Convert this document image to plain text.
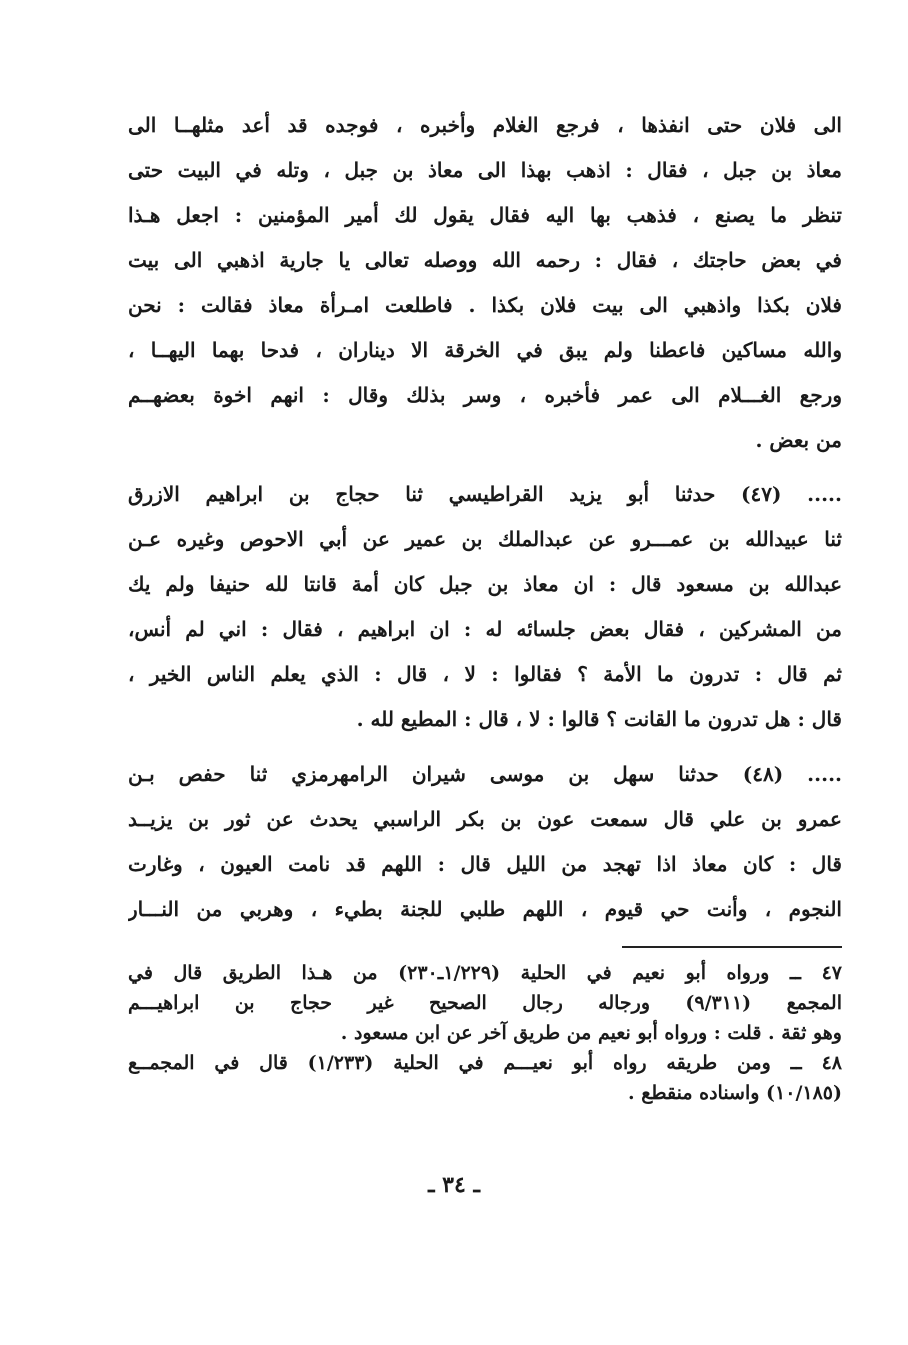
الى فلان حتى انفذها ، فرجع الغلام وأخبره ، فوجده قد أعد مثلهــا الى
معاذ بن جبل ، فقال : اذهب بهذا الى معاذ بن جبل ، وتله في البيت حتى
تنظر ما يصنع ، فذهب بها اليه فقال يقول لك أمير المؤمنين : اجعل هـذا
في بعض حاجتك ، فقال : رحمه الله ووصله تعالى يا جارية اذهبي الى بيت
فلان بكذا واذهبي الى بيت فلان بكذا . فاطلعت امـرأة معاذ فقالت : نحن
والله مساكين فاعطنا ولم يبق في الخرقة الا ديناران ، فدحا بهما اليهــا ،
ورجع الغـــلام الى عمر فأخبره ، وسر بذلك وقال : انهم اخوة بعضهــم
من بعض .
..... (٤٧) حدثنا أبو يزيد القراطيسي ثنا حجاج بن ابراهيم الازرق
ثنا عبيدالله بن عمـــرو عن عبدالملك بن عمير عن أبي الاحوص وغيره عـن
عبدالله بن مسعود قال : ان معاذ بن جبل كان أمة قانتا لله حنيفا ولم يك
من المشركين ، فقال بعض جلسائه له : ان ابراهيم ، فقال : اني لم أنس،
ثم قال : تدرون ما الأمة ؟ فقالوا : لا ، قال : الذي يعلم الناس الخير ،
قال : هل تدرون ما القانت ؟ قالوا : لا ، قال : المطيع لله .
..... (٤٨) حدثنا سهل بن موسى شيران الرامهرمزي ثنا حفص بـن
عمرو بن علي قال سمعت عون بن بكر الراسبي يحدث عن ثور بن يزيــد
قال : كان معاذ اذا تهجد من الليل قال : اللهم قد نامت العيون ، وغارت
النجوم ، وأنت حي قيوم ، اللهم طلبي للجنة بطيء ، وهربي من النـــار
٤٧ ــ ورواه أبو نعيم في الحلية (١/٢٢٩ـ٢٣٠) من هـذا الطريق قال في
المجمع (٩/٣١١) ورجاله رجال الصحيح غير حجاج بن ابراهيـــم
وهو ثقة . قلت : ورواه أبو نعيم من طريق آخر عن ابن مسعود .
٤٨ ــ ومن طريقه رواه أبو نعيـــم في الحلية (١/٢٣٣) قال في المجمــع
(١٠/١٨٥) واسناده منقطع .
ـ ٣٤ ـ
